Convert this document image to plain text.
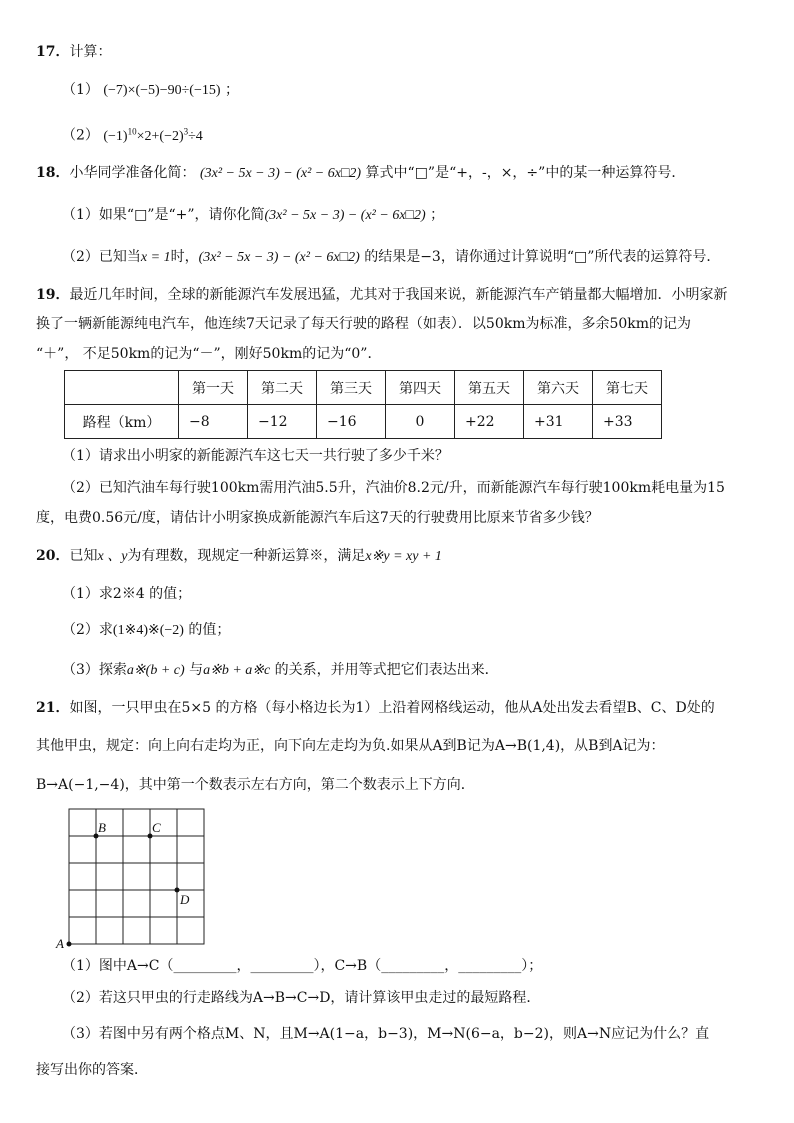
17．计算：
（1） (−7)×(−5)−90÷(−15) ；
（2） $(-1)^{10}\times 2+(-2)^3\div 4$
18．小华同学准备化简： (3x² − 5x − 3) − (x² − 6x□2) 算式中“□”是“+，-，×，÷”中的某一种运算符号．
（1）如果“□”是“+”，请你化简(3x² − 5x − 3) − (x² − 6x□2) ；
（2）已知当x = 1时，(3x² − 5x − 3) − (x² − 6x□2) 的结果是−3，请你通过计算说明“□”所代表的运算符号．
19．最近几年时间，全球的新能源汽车发展迅猛，尤其对于我国来说，新能源汽车产销量都大幅增加．小明家新
换了一辆新能源纯电汽车，他连续7天记录了每天行驶的路程（如表）．以50km为标准，多余50km的记为
“＋”， 不足50km的记为“－”，刚好50km的记为“0”．
	第一天	第二天	第三天	第四天	第五天	第六天	第七天
路程（km）	−8	−12	−16	0	+22	+31	+33
（1）请求出小明家的新能源汽车这七天一共行驶了多少千米？
（2）已知汽油车每行驶100km需用汽油5.5升，汽油价8.2元/升，而新能源汽车每行驶100km耗电量为15
度，电费0.56元/度，请估计小明家换成新能源汽车后这7天的行驶费用比原来节省多少钱？
20．已知x 、y为有理数，现规定一种新运算※，满足x※y = xy + 1
（1）求2※4 的值；
（2）求(1※4)※(−2) 的值；
（3）探索a※(b + c) 与a※b + a※c 的关系，并用等式把它们表达出来．
21．如图，一只甲虫在5×5 的方格（每小格边长为1）上沿着网格线运动，他从A处出发去看望B、C、D处的
其他甲虫，规定：向上向右走均为正，向下向左走均为负.如果从A到B记为A→B(1,4)，从B到A记为：
B→A(−1,−4)，其中第一个数表示左右方向，第二个数表示上下方向．
A
B	C
D
（1）图中A→C（_________，_________），C→B（_________，_________）；
（2）若这只甲虫的行走路线为A→B→C→D，请计算该甲虫走过的最短路程．
（3）若图中另有两个格点M、N，且M→A(1−a，b−3)，M→N(6−a，b−2)，则A→N应记为什么？直
接写出你的答案．
